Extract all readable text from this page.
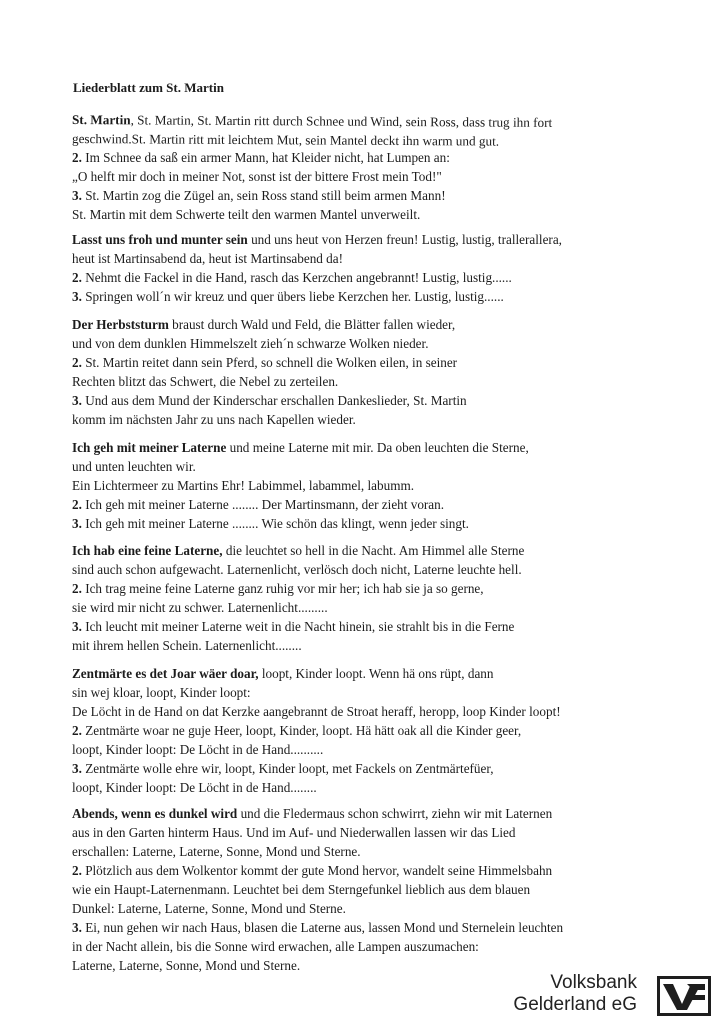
Liederblatt zum St. Martin
St. Martin, St. Martin, St. Martin ritt durch Schnee und Wind, sein Ross, dass trug ihn fort
geschwind.St. Martin ritt mit leichtem Mut, sein Mantel deckt ihn warm und gut.
2. Im Schnee da saß ein armer Mann, hat Kleider nicht, hat Lumpen an:
„O helft mir doch in meiner Not, sonst ist der bittere Frost mein Tod!"
3. St. Martin zog die Zügel an, sein Ross stand still beim armen Mann!
St. Martin mit dem Schwerte teilt den warmen Mantel unverweilt.
Lasst uns froh und munter sein und uns heut von Herzen freun! Lustig, lustig, trallerallera,
heut ist Martinsabend da, heut ist Martinsabend da!
2. Nehmt die Fackel in die Hand, rasch das Kerzchen angebrannt! Lustig, lustig......
3. Springen woll´n wir kreuz und quer übers liebe Kerzchen her. Lustig, lustig......
Der Herbststurm braust durch Wald und Feld, die Blätter fallen wieder,
und von dem dunklen Himmelszelt zieh´n schwarze Wolken nieder.
2. St. Martin reitet dann sein Pferd, so schnell die Wolken eilen, in seiner
Rechten blitzt das Schwert, die Nebel zu zerteilen.
3. Und aus dem Mund der Kinderschar erschallen Dankeslieder, St. Martin
komm im nächsten Jahr zu uns nach Kapellen wieder.
Ich geh mit meiner Laterne und meine Laterne mit mir. Da oben leuchten die Sterne,
und unten leuchten wir.
Ein Lichtermeer zu Martins Ehr! Labimmel, labammel, labumm.
2. Ich geh mit meiner Laterne ........ Der Martinsmann, der zieht voran.
3. Ich geh mit meiner Laterne ........ Wie schön das klingt, wenn jeder singt.
Ich hab eine feine Laterne, die leuchtet so hell in die Nacht. Am Himmel alle Sterne
sind auch schon aufgewacht. Laternenlicht, verlösch doch nicht, Laterne leuchte hell.
2. Ich trag meine feine Laterne ganz ruhig vor mir her; ich hab sie ja so gerne,
sie wird mir nicht zu schwer. Laternenlicht.........
3. Ich leucht mit meiner Laterne weit in die Nacht hinein, sie strahlt bis in die Ferne
mit ihrem hellen Schein. Laternenlicht........
Zentmärte es det Joar wäer doar, loopt, Kinder loopt. Wenn hä ons rüpt, dann
sin wej kloar, loopt, Kinder loopt:
De Löcht in de Hand on dat Kerzke aangebrannt de Stroat heraff, heropp, loop Kinder loopt!
2. Zentmärte woar ne guje Heer, loopt, Kinder, loopt. Hä hätt oak all die Kinder geer,
loopt, Kinder loopt: De Löcht in de Hand..........
3. Zentmärte wolle ehre wir, loopt, Kinder loopt, met Fackels on Zentmärtefüer,
loopt, Kinder loopt: De Löcht in de Hand........
Abends, wenn es dunkel wird und die Fledermaus schon schwirrt, ziehn wir mit Laternen
aus in den Garten hinterm Haus. Und im Auf- und Niederwallen lassen wir das Lied
erschallen: Laterne, Laterne, Sonne, Mond und Sterne.
2. Plötzlich aus dem Wolkentor kommt der gute Mond hervor, wandelt seine Himmelsbahn
wie ein Haupt-Laternenmann. Leuchtet bei dem Sterngefunkel lieblich aus dem blauen
Dunkel: Laterne, Laterne, Sonne, Mond und Sterne.
3. Ei, nun gehen wir nach Haus, blasen die Laterne aus, lassen Mond und Sternelein leuchten
in der Nacht allein, bis die Sonne wird erwachen, alle Lampen auszumachen:
Laterne, Laterne, Sonne, Mond und Sterne.
Volksbank
Gelderland eG
